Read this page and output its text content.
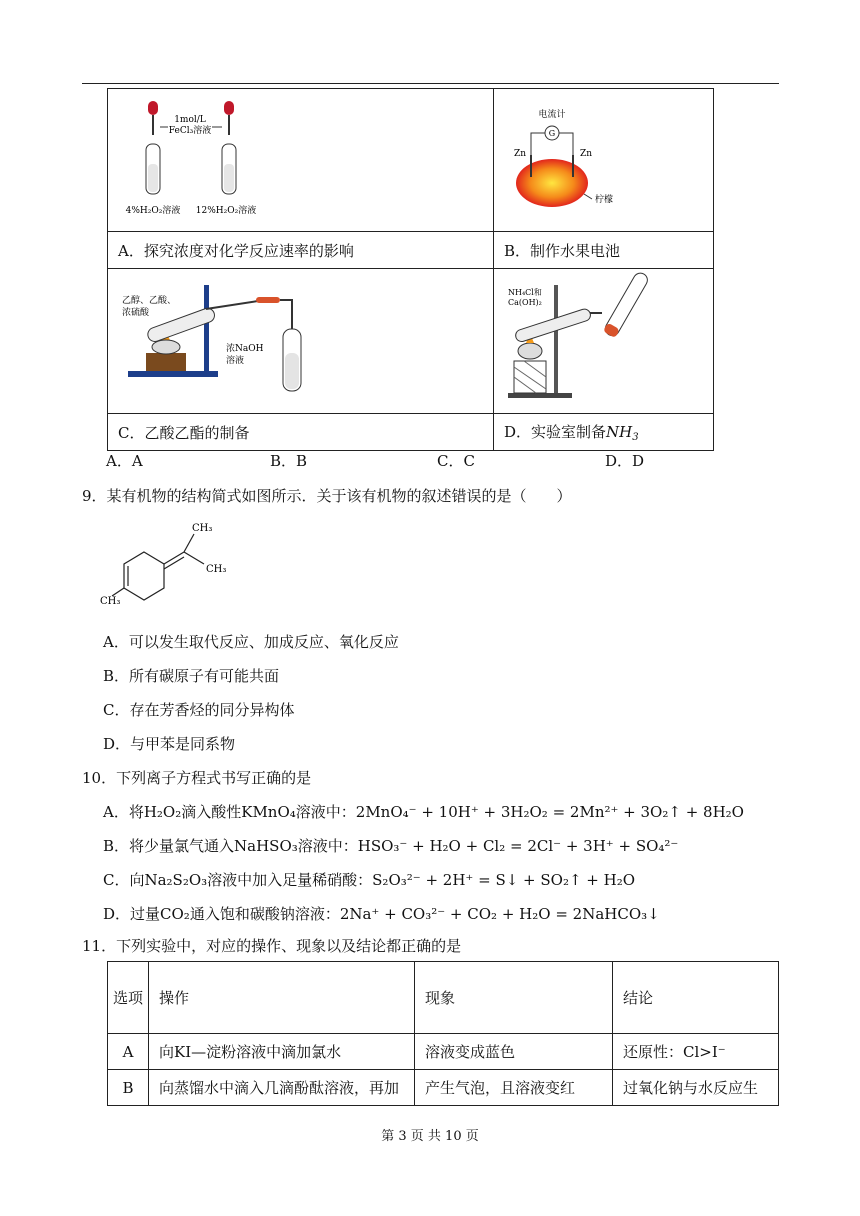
1mol/L
FeCl₃溶液
4%H₂O₂溶液 12%H₂O₂溶液	电流计
G
Zn Zn
柠檬

A．探究浓度对化学反应速率的影响	B．制作水果电池

乙醇、乙酸、
浓硫酸
浓NaOH
溶液	NH₄Cl和
Ca(OH)₂

C．乙酸乙酯的制备	D．实验室制备$NH_3$
A．A	B．B	C．C	D．D
9．某有机物的结构简式如图所示．关于该有机物的叙述错误的是（　　）
CH₃
CH₃
CH₃
A．可以发生取代反应、加成反应、氧化反应
B．所有碳原子有可能共面
C．存在芳香烃的同分异构体
D．与甲苯是同系物
10．下列离子方程式书写正确的是
A．将H₂O₂滴入酸性KMnO₄溶液中：2MnO₄⁻ + 10H⁺ + 3H₂O₂ = 2Mn²⁺ + 3O₂↑ + 8H₂O
B．将少量氯气通入NaHSO₃溶液中：HSO₃⁻ + H₂O + Cl₂ = 2Cl⁻ + 3H⁺ + SO₄²⁻
C．向Na₂S₂O₃溶液中加入足量稀硝酸：S₂O₃²⁻ + 2H⁺ = S↓ + SO₂↑ + H₂O
D．过量CO₂通入饱和碳酸钠溶液：2Na⁺ + CO₃²⁻ + CO₂ + H₂O = 2NaHCO₃↓
11．下列实验中，对应的操作、现象以及结论都正确的是
选项	操作	现象	结论
A	向KI—淀粉溶液中滴加氯水	溶液变成蓝色	还原性：Cl>I⁻
B	向蒸馏水中滴入几滴酚酞溶液，再加	产生气泡，且溶液变红	过氧化钠与水反应生
第 3 页 共 10 页
